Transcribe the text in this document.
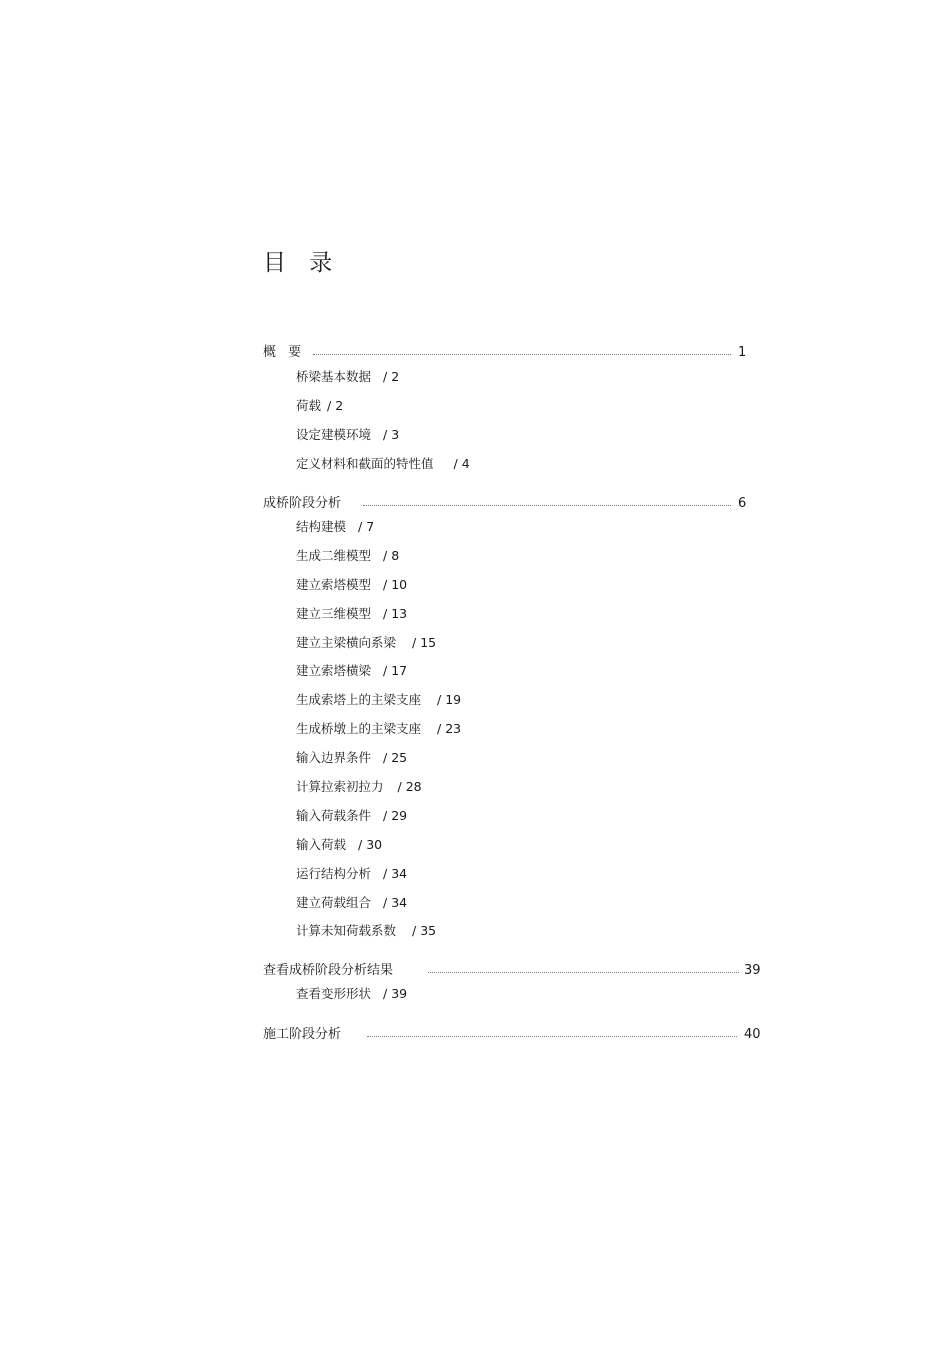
目 录
概 要	1
桥梁基本数据 / 2
荷载 / 2
设定建模环境 / 3
定义材料和截面的特性值 / 4
成桥阶段分析	6
结构建模 / 7
生成二维模型 / 8
建立索塔模型 / 10
建立三维模型 / 13
建立主梁横向系梁 / 15
建立索塔横梁 / 17
生成索塔上的主梁支座 / 19
生成桥墩上的主梁支座 / 23
输入边界条件 / 25
计算拉索初拉力 / 28
输入荷载条件 / 29
输入荷载 / 30
运行结构分析 / 34
建立荷载组合 / 34
计算未知荷载系数 / 35
查看成桥阶段分析结果	39
查看变形形状 / 39
施工阶段分析	40
